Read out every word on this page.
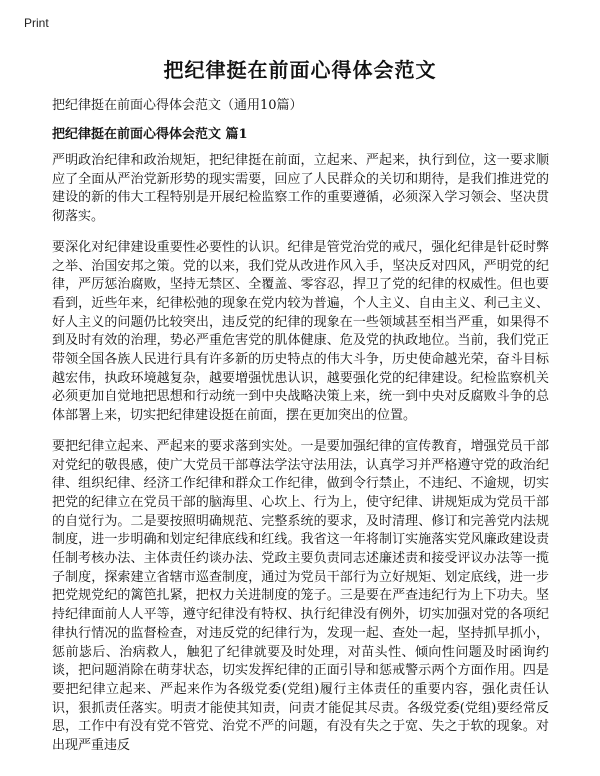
Print
把纪律挺在前面心得体会范文
把纪律挺在前面心得体会范文（通用10篇）
把纪律挺在前面心得体会范文 篇1

严明政治纪律和政治规矩，把纪律挺在前面，立起来、严起来，执行到位，这一要求顺应了全面从严治党新形势的现实需要，回应了人民群众的关切和期待，是我们推进党的建设的新的伟大工程特别是开展纪检监察工作的重要遵循，必须深入学习领会、坚决贯彻落实。

要深化对纪律建设重要性必要性的认识。纪律是管党治党的戒尺，强化纪律是针砭时弊之举、治国安邦之策。党的以来，我们党从改进作风入手，坚决反对四风，严明党的纪律，严厉惩治腐败，坚持无禁区、全覆盖、零容忍，捍卫了党的纪律的权威性。但也要看到，近些年来，纪律松弛的现象在党内较为普遍，个人主义、自由主义、利己主义、好人主义的问题仍比较突出，违反党的纪律的现象在一些领域甚至相当严重，如果得不到及时有效的治理，势必严重危害党的肌体健康、危及党的执政地位。当前，我们党正带领全国各族人民进行具有许多新的历史特点的伟大斗争，历史使命越光荣，奋斗目标越宏伟，执政环境越复杂，越要增强忧患认识，越要强化党的纪律建设。纪检监察机关必须更加自觉地把思想和行动统一到中央战略决策上来，统一到中央对反腐败斗争的总体部署上来，切实把纪律建设挺在前面，摆在更加突出的位置。

要把纪律立起来、严起来的要求落到实处。一是要加强纪律的宣传教育，增强党员干部对党纪的敬畏感，使广大党员干部尊法学法守法用法，认真学习并严格遵守党的政治纪律、组织纪律、经济工作纪律和群众工作纪律，做到令行禁止，不违纪、不逾规，切实把党的纪律立在党员干部的脑海里、心坎上、行为上，使守纪律、讲规矩成为党员干部的自觉行为。二是要按照明确规范、完整系统的要求，及时清理、修订和完善党内法规制度，进一步明确和划定纪律底线和红线。我省这一年将制订实施落实党风廉政建设责任制考核办法、主体责任约谈办法、党政主要负责同志述廉述责和接受评议办法等一揽子制度，探索建立省辖市巡查制度，通过为党员干部行为立好规矩、划定底线，进一步把党规党纪的篱笆扎紧，把权力关进制度的笼子。三是要在严查违纪行为上下功夫。坚持纪律面前人人平等，遵守纪律没有特权、执行纪律没有例外，切实加强对党的各项纪律执行情况的监督检查，对违反党的纪律行为，发现一起、查处一起，坚持抓早抓小，惩前毖后、治病救人，触犯了纪律就要及时处理，对苗头性、倾向性问题及时函询约谈，把问题消除在萌芽状态，切实发挥纪律的正面引导和惩戒警示两个方面作用。四是要把纪律立起来、严起来作为各级党委(党组)履行主体责任的重要内容，强化责任认识，狠抓责任落实。明责才能使其知责，问责才能促其尽责。各级党委(党组)要经常反思，工作中有没有党不管党、治党不严的问题，有没有失之于宽、失之于软的现象。对出现严重违反
